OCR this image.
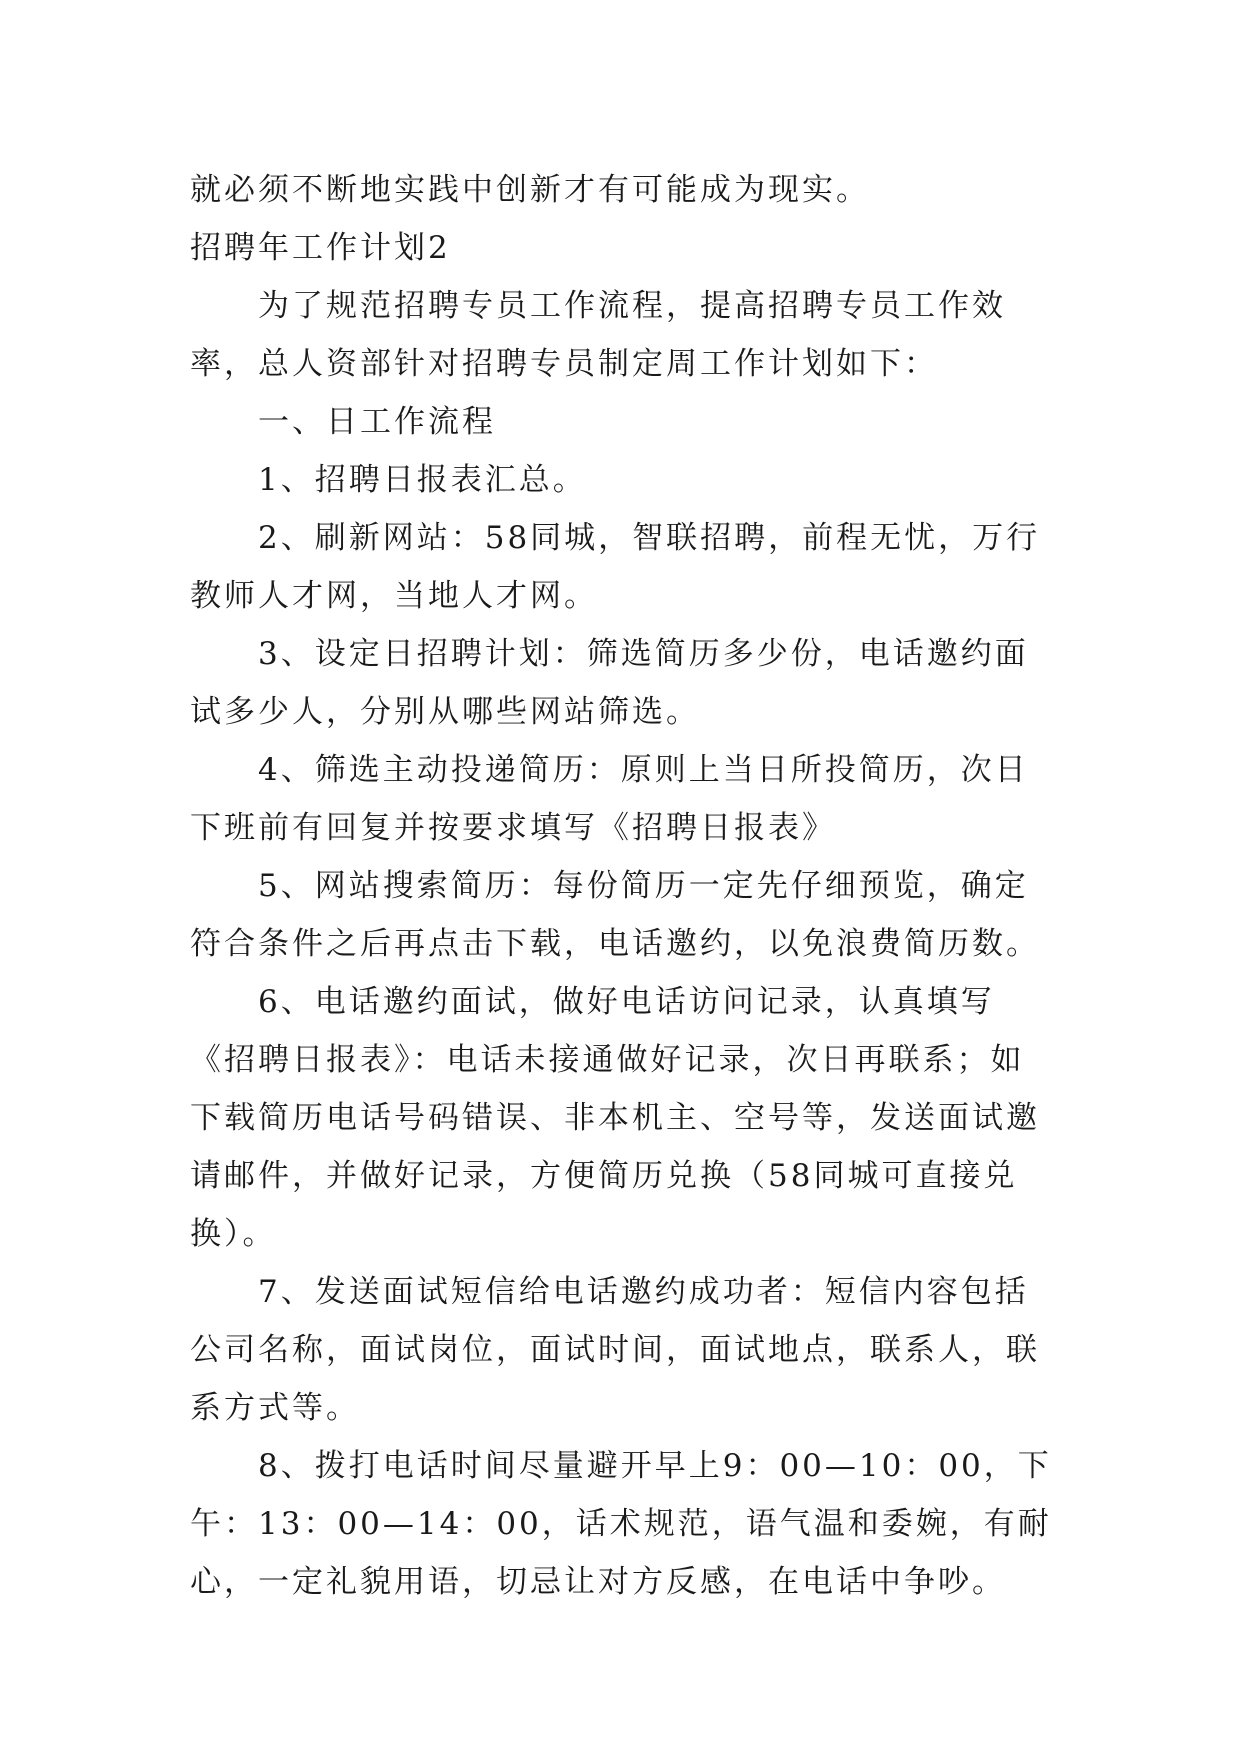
就必须不断地实践中创新才有可能成为现实。

招聘年工作计划2

为了规范招聘专员工作流程，提高招聘专员工作效率，总人资部针对招聘专员制定周工作计划如下：

一、日工作流程

1、招聘日报表汇总。

2、刷新网站：58同城，智联招聘，前程无忧，万行教师人才网，当地人才网。

3、设定日招聘计划：筛选简历多少份，电话邀约面试多少人，分别从哪些网站筛选。

4、筛选主动投递简历：原则上当日所投简历，次日下班前有回复并按要求填写《招聘日报表》

5、网站搜索简历：每份简历一定先仔细预览，确定符合条件之后再点击下载，电话邀约，以免浪费简历数。

6、电话邀约面试，做好电话访问记录，认真填写《招聘日报表》：电话未接通做好记录，次日再联系；如下载简历电话号码错误、非本机主、空号等，发送面试邀请邮件，并做好记录，方便简历兑换（58同城可直接兑换）。

7、发送面试短信给电话邀约成功者：短信内容包括公司名称，面试岗位，面试时间，面试地点，联系人，联系方式等。

8、拨打电话时间尽量避开早上9：00—10：00，下午：13：00—14：00，话术规范，语气温和委婉，有耐心，一定礼貌用语，切忌让对方反感，在电话中争吵。
